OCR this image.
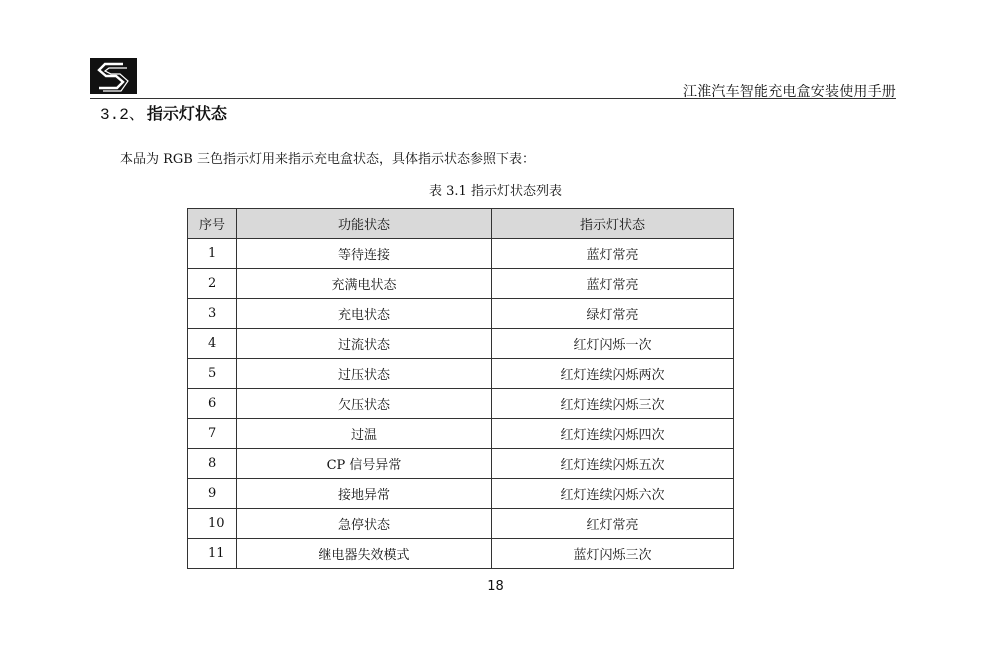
江淮汽车智能充电盒安装使用手册
3.2、 指示灯状态
本品为 RGB 三色指示灯用来指示充电盒状态，具体指示状态参照下表：
表 3.1 指示灯状态列表
序号	功能状态	指示灯状态
1	等待连接	蓝灯常亮
2	充满电状态	蓝灯常亮
3	充电状态	绿灯常亮
4	过流状态	红灯闪烁一次
5	过压状态	红灯连续闪烁两次
6	欠压状态	红灯连续闪烁三次
7	过温	红灯连续闪烁四次
8	CP 信号异常	红灯连续闪烁五次
9	接地异常	红灯连续闪烁六次
10	急停状态	红灯常亮
11	继电器失效模式	蓝灯闪烁三次
18
